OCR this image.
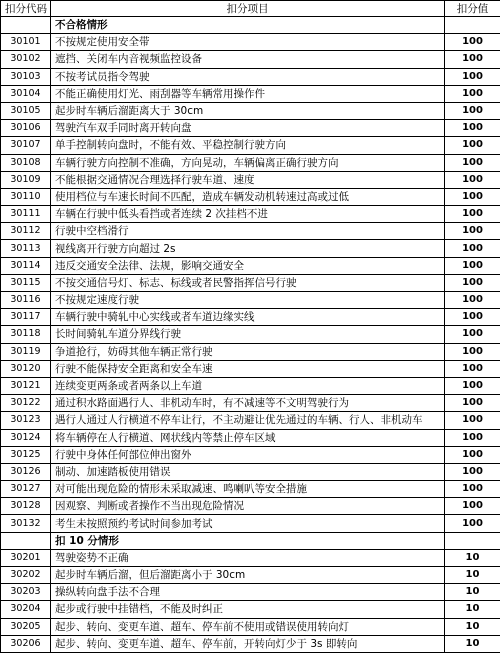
扣分代码	扣分项目	扣分值
	不合格情形	
30101	不按规定使用安全带	100
30102	遮挡、关闭车内音视频监控设备	100
30103	不按考试员指令驾驶	100
30104	不能正确使用灯光、雨刮器等车辆常用操作件	100
30105	起步时车辆后溜距离大于 30cm	100
30106	驾驶汽车双手同时离开转向盘	100
30107	单手控制转向盘时，不能有效、平稳控制行驶方向	100
30108	车辆行驶方向控制不准确，方向晃动，车辆偏离正确行驶方向	100
30109	不能根据交通情况合理选择行驶车道、速度	100
30110	使用档位与车速长时间不匹配，造成车辆发动机转速过高或过低	100
30111	车辆在行驶中低头看挡或者连续 2 次挂档不进	100
30112	行驶中空档滑行	100
30113	视线离开行驶方向超过 2s	100
30114	违反交通安全法律、法规，影响交通安全	100
30115	不按交通信号灯、标志、标线或者民警指挥信号行驶	100
30116	不按规定速度行驶	100
30117	车辆行驶中骑轧中心实线或者车道边缘实线	100
30118	长时间骑轧车道分界线行驶	100
30119	争道抢行，妨碍其他车辆正常行驶	100
30120	行驶不能保持安全距离和安全车速	100
30121	连续变更两条或者两条以上车道	100
30122	通过积水路面遇行人、非机动车时，有不减速等不文明驾驶行为	100
30123	遇行人通过人行横道不停车让行，不主动避让优先通过的车辆、行人、非机动车	100
30124	将车辆停在人行横道、网状线内等禁止停车区域	100
30125	行驶中身体任何部位伸出窗外	100
30126	制动、加速踏板使用错误	100
30127	对可能出现危险的情形未采取减速、鸣喇叭等安全措施	100
30128	因观察、判断或者操作不当出现危险情况	100
30132	考生未按照预约考试时间参加考试	100
	扣 10 分情形	
30201	驾驶姿势不正确	10
30202	起步时车辆后溜，但后溜距离小于 30cm	10
30203	操纵转向盘手法不合理	10
30204	起步或行驶中挂错档，不能及时纠正	10
30205	起步、转向、变更车道、超车、停车前不使用或错误使用转向灯	10
30206	起步、转向、变更车道、超车、停车前，开转向灯少于 3s 即转向	10
